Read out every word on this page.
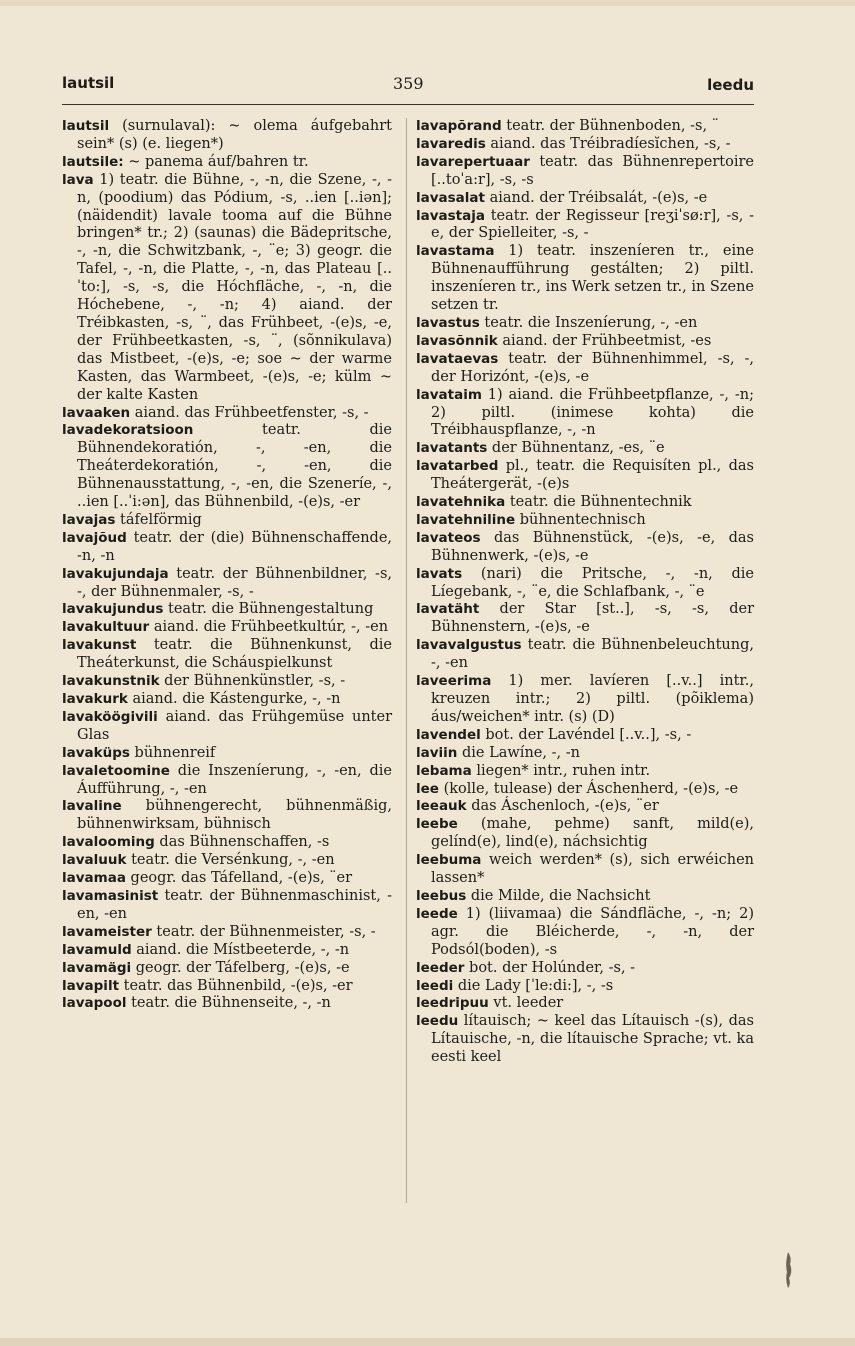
lautsil	359	leedu

lautsil (surnulaval): ~ olema áufgebahrt sein* (s) (e. liegen*)

lautsile: ~ panema áuf/bahren tr.

lava 1) teatr. die Bühne, -, -n, die Szene, -, -n, (poodium) das Pódium, -s, ..ien [..iən]; (näidendit) lavale tooma auf die Bühne bringen* tr.; 2) (saunas) die Bädepritsche, -, -n, die Schwitzbank, -, ¨e; 3) geogr. die Tafel, -, -n, die Platte, -, -n, das Plateau [..ˈto:], -s, -s, die Hóchfläche, -, -n, die Hóchebene, -, -n; 4) aiand. der Tréibkasten, -s, ¨, das Frühbeet, -(e)s, -e, der Frühbeetkasten, -s, ¨, (sõnnikulava) das Mistbeet, -(e)s, -e; soe ~ der warme Kasten, das Warmbeet, -(e)s, -e; külm ~ der kalte Kasten

lavaaken aiand. das Frühbeetfenster, -s, -

lavadekoratsioon	teatr. die Bühnendekoratión, -, -en, die Theáterdekoratión, -, -en, die Bühnenausstattung, -, -en, die Szeneríe, -, ..ien [..ˈi:ən], das Bühnenbild, -(e)s, -er

lavajas táfelförmig

lavajõud teatr. der (die) Bühnenschaffende, -n, -n

lavakujundaja teatr. der Bühnenbildner, -s, -, der Bühnenmaler, -s, -

lavakujundus teatr. die Bühnengestaltung

lavakultuur aiand. die Frühbeetkultúr, -, -en

lavakunst teatr. die Bühnenkunst, die Theáterkunst, die Scháuspielkunst

lavakunstnik der Bühnenkünstler, -s, -

lavakurk aiand. die Kástengurke, -, -n

lavaköögivili aiand. das Frühgemüse unter Glas

lavaküps bühnenreif

lavaletoomine die Inszeníerung, -, -en, die Áufführung, -, -en

lavaline bühnengerecht, bühnenmäßig, bühnenwirksam, bühnisch

lavalooming das Bühnenschaffen, -s

lavaluuk teatr. die Versénkung, -, -en

lavamaa geogr. das Táfelland, -(e)s, ¨er

lavamasinist teatr. der Bühnenmaschinist, -en, -en

lavameister teatr. der Bühnenmeister, -s, -

lavamuld aiand. die Místbeeterde, -, -n

lavamägi geogr. der Táfelberg, -(e)s, -e

lavapilt teatr. das Bühnenbild, -(e)s, -er

lavapool teatr. die Bühnenseite, -, -n

lavapõrand teatr. der Bühnenboden, -s, ¨

lavaredis aiand. das Tréibradíesĭchen, -s, -

lavarepertuaar teatr. das Bühnenrepertoire [..toˈa:r], -s, -s

lavasalat aiand. der Tréibsalát, -(e)s, -e

lavastaja teatr. der Regisseur [reʒiˈsø:r], -s, -e, der Spielleiter, -s, -

lavastama 1) teatr. inszeníeren tr., eine Bühnenaufführung gestálten; 2) piltl. inszeníeren tr., ins Werk setzen tr., in Szene setzen tr.

lavastus teatr. die Inszeníerung, -, -en

lavasõnnik aiand. der Frühbeetmist, -es

lavataevas teatr. der Bühnenhimmel, -s, -, der Horizónt, -(e)s, -e

lavataim 1) aiand. die Frühbeetpflanze, -, -n; 2) piltl. (inimese kohta) die Tréibhauspflanze, -, -n

lavatants der Bühnentanz, -es, ¨e

lavatarbed pl., teatr. die Requisíten pl., das Theátergerät, -(e)s

lavatehnika teatr. die Bühnentechnik

lavatehniline bühnentechnisch

lavateos das Bühnenstück, -(e)s, -e, das Bühnenwerk, -(e)s, -e

lavats (nari) die Pritsche, -, -n, die Líegebank, -, ¨e, die Schlafbank, -, ¨e

lavatäht der Star [st..], -s, -s, der Bühnenstern, -(e)s, -e

lavavalgustus teatr. die Bühnenbeleuchtung, -, -en

laveerima 1) mer. lavíeren [..v..] intr., kreuzen intr.; 2) piltl. (põiklema) áus/weichen* intr. (s) (D)

lavendel bot. der Lavéndel [..v..], -s, -

laviin die Lawíne, -, -n

lebama liegen* intr., ruhen intr.

lee (kolle, tulease) der Áschenherd, -(e)s, -e

leeauk das Áschenloch, -(e)s, ¨er

leebe (mahe, pehme) sanft, mild(e), gelínd(e), lind(e), náchsichtig

leebuma weich werden* (s), sich erwéichen lassen*

leebus die Milde, die Nachsicht

leede 1) (liivamaa) die Sándfläche, -, -n; 2) agr. die Bléicherde, -, -n, der Podsól(boden), -s

leeder bot. der Holúnder, -s, -

leedi die Lady [ˈle:di:], -, -s

leedripuu vt. leeder

leedu lítauisch; ~ keel das Lítauisch -(s), das Lítauische, -n, die lítauische Sprache; vt. ka eesti keel
